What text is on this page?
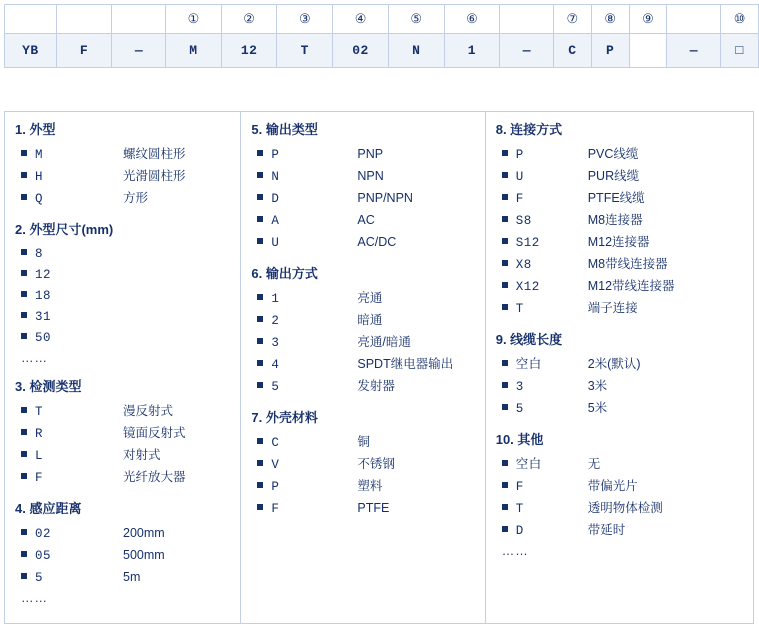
			①	②	③	④	⑤	⑥		⑦	⑧	⑨		⑩
YB	F	—	M	12	T	02	N	1	—	C	P		—	□
1. 外型
M	螺纹圆柱形
H	光滑圆柱形
Q	方形
2. 外型尺寸(mm)
8
12
18
31
50
……
3. 检测类型
T	漫反射式
R	镜面反射式
L	对射式
F	光纤放大器
4. 感应距离
02	200mm
05	500mm
5	5m
……
5. 输出类型
P	PNP
N	NPN
D	PNP/NPN
A	AC
U	AC/DC
6. 输出方式
1	亮通
2	暗通
3	亮通/暗通
4	SPDT继电器输出
5	发射器
7. 外壳材料
C	铜
V	不锈钢
P	塑料
F	PTFE
8. 连接方式
P	PVC线缆
U	PUR线缆
F	PTFE线缆
S8	M8连接器
S12	M12连接器
X8	M8带线连接器
X12	M12带线连接器
T	端子连接
9. 线缆长度
空白	2米(默认)
3	3米
5	5米
10. 其他
空白	无
F	带偏光片
T	透明物体检测
D	带延时
……
